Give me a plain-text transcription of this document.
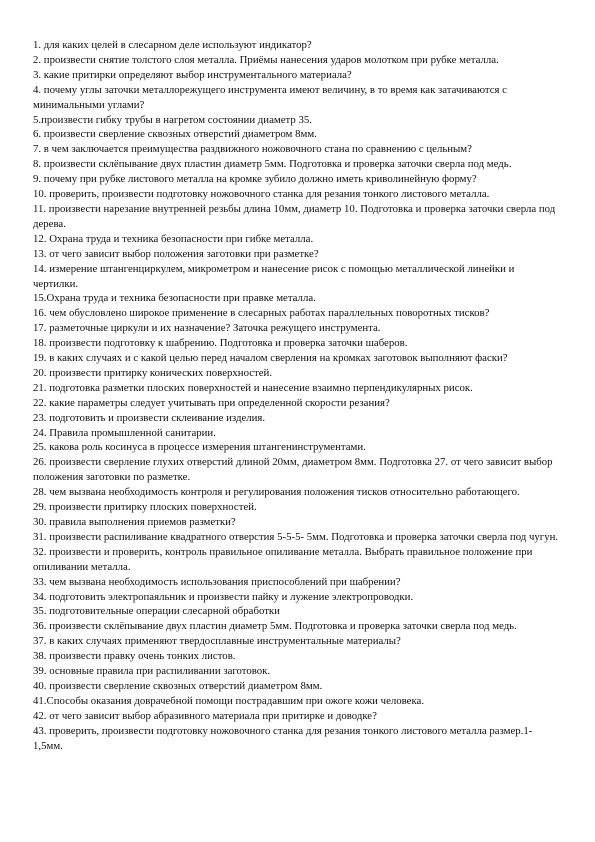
1. для каких целей в слесарном деле используют индикатор?

2. произвести снятие толстого слоя металла. Приёмы нанесения ударов молотком при рубке металла.

3. какие притирки определяют выбор инструментального материала?

4. почему углы заточки металлорежущего инструмента имеют величину, в то время как затачиваются с минимальными углами?

5.произвести гибку трубы в нагретом состоянии диаметр 35.

6. произвести сверление сквозных отверстий диаметром 8мм.

7. в чем заключается преимущества раздвижного ножовочного стана по сравнению с цельным?

8. произвести склёпывание двух пластин диаметр 5мм. Подготовка и проверка заточки сверла под медь.

9. почему при рубке листового металла на кромке зубило должно иметь криволинейную форму?

10. проверить, произвести подготовку ножовочного станка для резания тонкого листового металла.

11. произвести нарезание внутренней резьбы длина 10мм, диаметр 10. Подготовка и проверка заточки сверла под дерева.

12. Охрана труда и техника безопасности при гибке металла.

13. от чего зависит выбор положения заготовки при разметке?

14. измерение штангенциркулем, микрометром и нанесение рисок с помощью металлической линейки и чертилки.

15.Охрана труда и техника безопасности при правке металла.

16. чем обусловлено широкое применение в слесарных работах параллельных поворотных тисков?

17. разметочные циркули и их назначение? Заточка режущего инструмента.

18. произвести подготовку к шабрению. Подготовка и проверка заточки шаберов.

19. в каких случаях и с какой целью перед началом сверления на кромках заготовок выполняют фаски?

20. произвести притирку конических поверхностей.

21. подготовка разметки плоских поверхностей и нанесение взаимно перпендикулярных рисок.

22. какие параметры следует учитывать при определенной скорости резания?

23. подготовить и произвести склеивание изделия.

24. Правила промышленной санитарии.

25. какова роль косинуса в процессе измерения штангенинструментами.

26. произвести сверление глухих отверстий длиной 20мм, диаметром 8мм. Подготовка 27. от чего зависит выбор положения заготовки по разметке.

28. чем вызвана необходимость контроля и регулирования положения тисков относительно работающего.

29. произвести притирку плоских поверхностей.

30. правила выполнения приемов разметки?

31. произвести распиливание квадратного отверстия 5-5-5- 5мм. Подготовка и проверка заточки сверла под чугун.

32. произвести и проверить, контроль правильное опиливание металла. Выбрать правильное положение при опиливании металла.

33. чем вызвана необходимость использования приспособлений при шабрении?

34. подготовить электропаяльник и произвести пайку и лужение электропроводки.

35. подготовительные операции слесарной обработки

36. произвести склёпывание двух пластин диаметр 5мм. Подготовка и проверка заточки сверла под медь.

37. в каких случаях применяют твердосплавные инструментальные материалы?

38. произвести правку очень тонких листов.

39. основные правила при распиливании заготовок.

40. произвести сверление сквозных отверстий диаметром 8мм.

41.Способы оказания доврачебной помощи пострадавшим при ожоге кожи человека.

42. от чего зависит выбор абразивного материала при притирке и доводке?

43. проверить, произвести подготовку ножовочного станка для резания тонкого листового металла размер.1- 1,5мм.
